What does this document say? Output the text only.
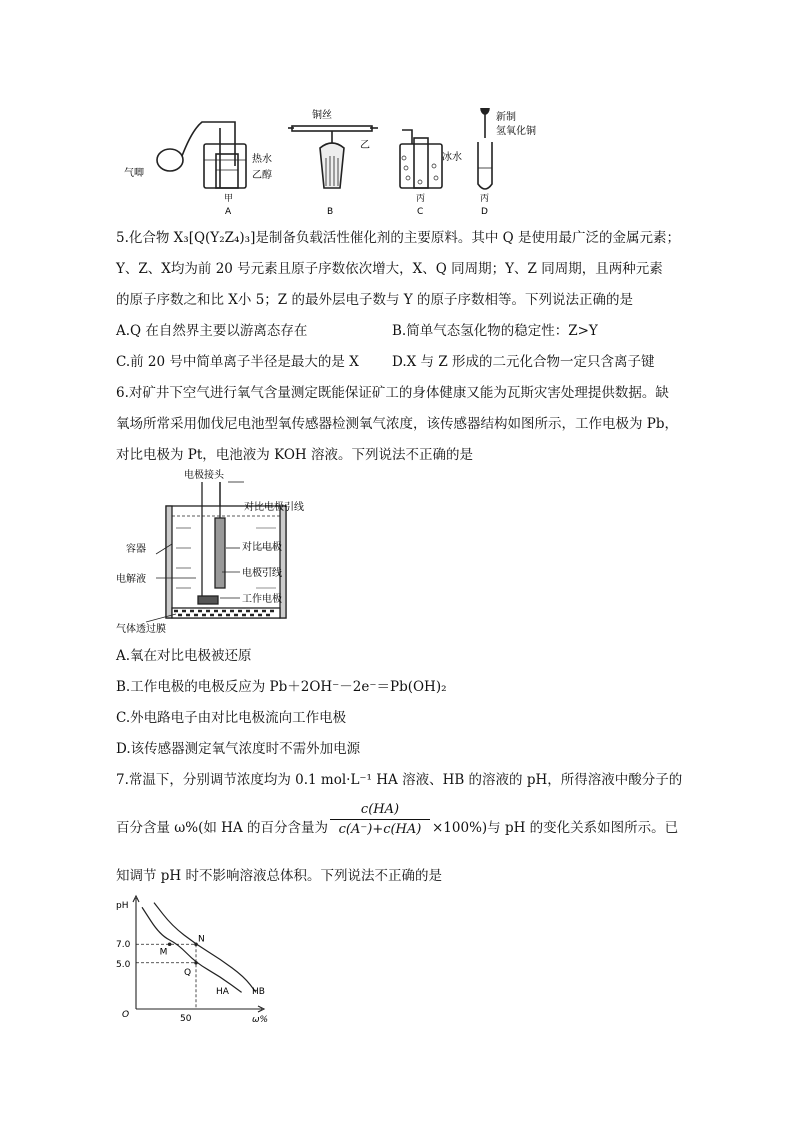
气唧
热水
乙醇
甲
A
铜丝
乙
B
冰水
丙
C
新制
氢氧化铜
丙
D
5.化合物 X₃[Q(Y₂Z₄)₃]是制备负载活性催化剂的主要原料。其中 Q 是使用最广泛的金属元素；
Y、Z、X均为前 20 号元素且原子序数依次增大，X、Q 同周期；Y、Z 同周期，且两种元素
的原子序数之和比 X小 5；Z 的最外层电子数与 Y 的原子序数相等。下列说法正确的是
A.Q 在自然界主要以游离态存在	B.简单气态氢化物的稳定性：Z>Y
C.前 20 号中简单离子半径是最大的是 X D.X 与 Z 形成的二元化合物一定只含离子键
6.对矿井下空气进行氧气含量测定既能保证矿工的身体健康又能为瓦斯灾害处理提供数据。缺
氧场所常采用伽伐尼电池型氧传感器检测氧气浓度，该传感器结构如图所示，工作电极为 Pb，
对比电极为 Pt，电池液为 KOH 溶液。下列说法不正确的是
电极接头
对比电极引线
容器	对比电极
电解液
电极引线
工作电极
气体透过膜
A.氧在对比电极被还原
B.工作电极的电极反应为 Pb＋2OH⁻－2e⁻＝Pb(OH)₂
C.外电路电子由对比电极流向工作电极
D.该传感器测定氧气浓度时不需外加电源
7.常温下，分别调节浓度均为 0.1 mol·L⁻¹ HA 溶液、HB 的溶液的 pH，所得溶液中酸分子的
百分含量 ω%(如 HA 的百分含量为 $\frac{c(HA)}{c(A^-)+c(HA)} \times 100\%$)与 pH 的变化关系如图所示。已
知调节 pH 时不影响溶液总体积。下列说法不正确的是
M
N
Q
pH
ω%
O
7.0
5.0
50
HA	HB
